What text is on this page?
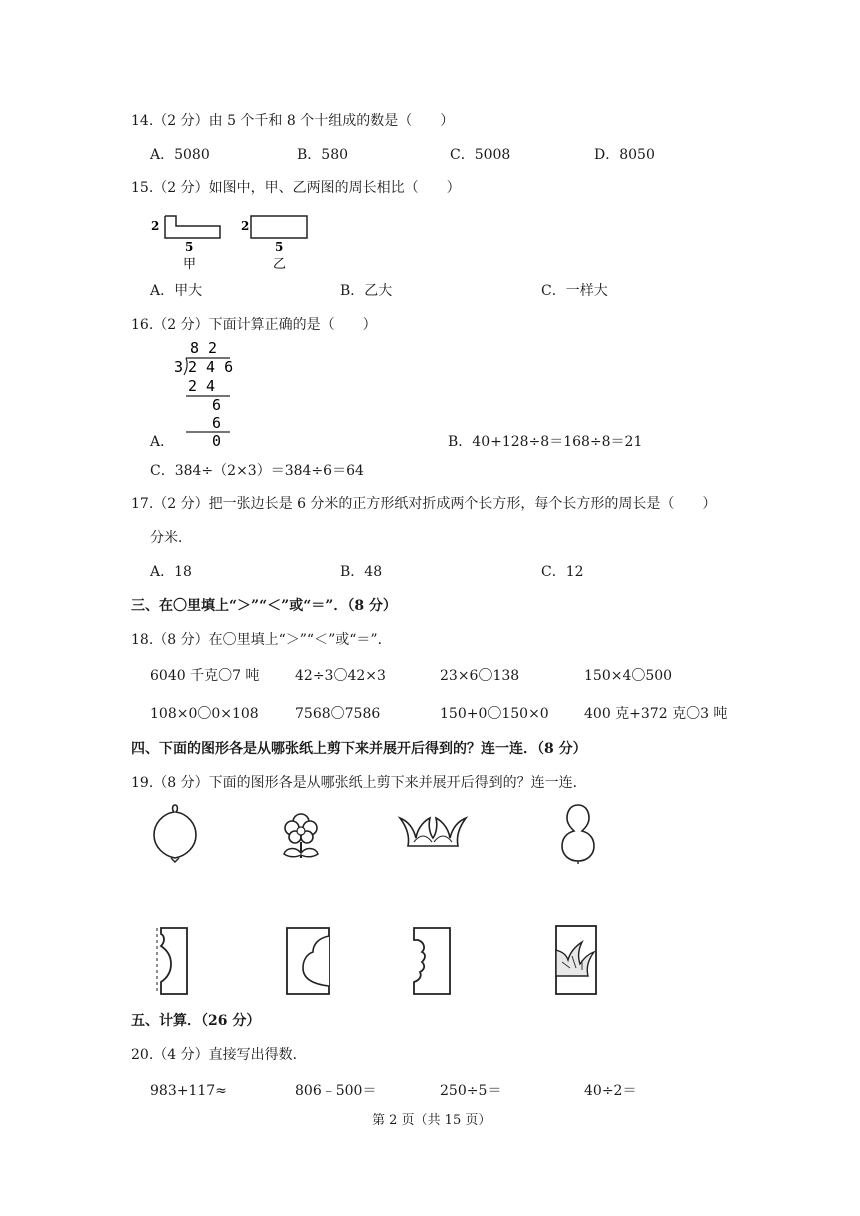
14.（2 分）由 5 个千和 8 个十组成的数是（　　）
A．5080	B．580	C．5008	D．8050
15.（2 分）如图中，甲、乙两图的周长相比（　　）
2
5
甲
2
5
乙
A．甲大	B．乙大	C．一样大
16.（2 分）下面计算正确的是（　　）
A．
8 2
3 2 4 6
2 4
6
6
0	B．40+128÷8＝168÷8＝21
C．384÷（2×3）＝384÷6＝64
17.（2 分）把一张边长是 6 分米的正方形纸对折成两个长方形，每个长方形的周长是（　　）
分米．
A．18	B．48	C．12
三、在〇里填上“＞”“＜”或“＝”．（8 分）
18.（8 分）在〇里填上“＞”“＜”或“＝”．
6040 千克〇7 吨	42÷3〇42×3	23×6〇138	150×4〇500
108×0〇0×108	7568〇7586	150+0〇150×0	400 克+372 克〇3 吨
四、下面的图形各是从哪张纸上剪下来并展开后得到的？连一连．（8 分）
19.（8 分）下面的图形各是从哪张纸上剪下来并展开后得到的？连一连．
五、计算．（26 分）
20.（4 分）直接写出得数．
983+117≈	806﹣500＝	250÷5＝	40÷2＝
第 2 页（共 15 页）
